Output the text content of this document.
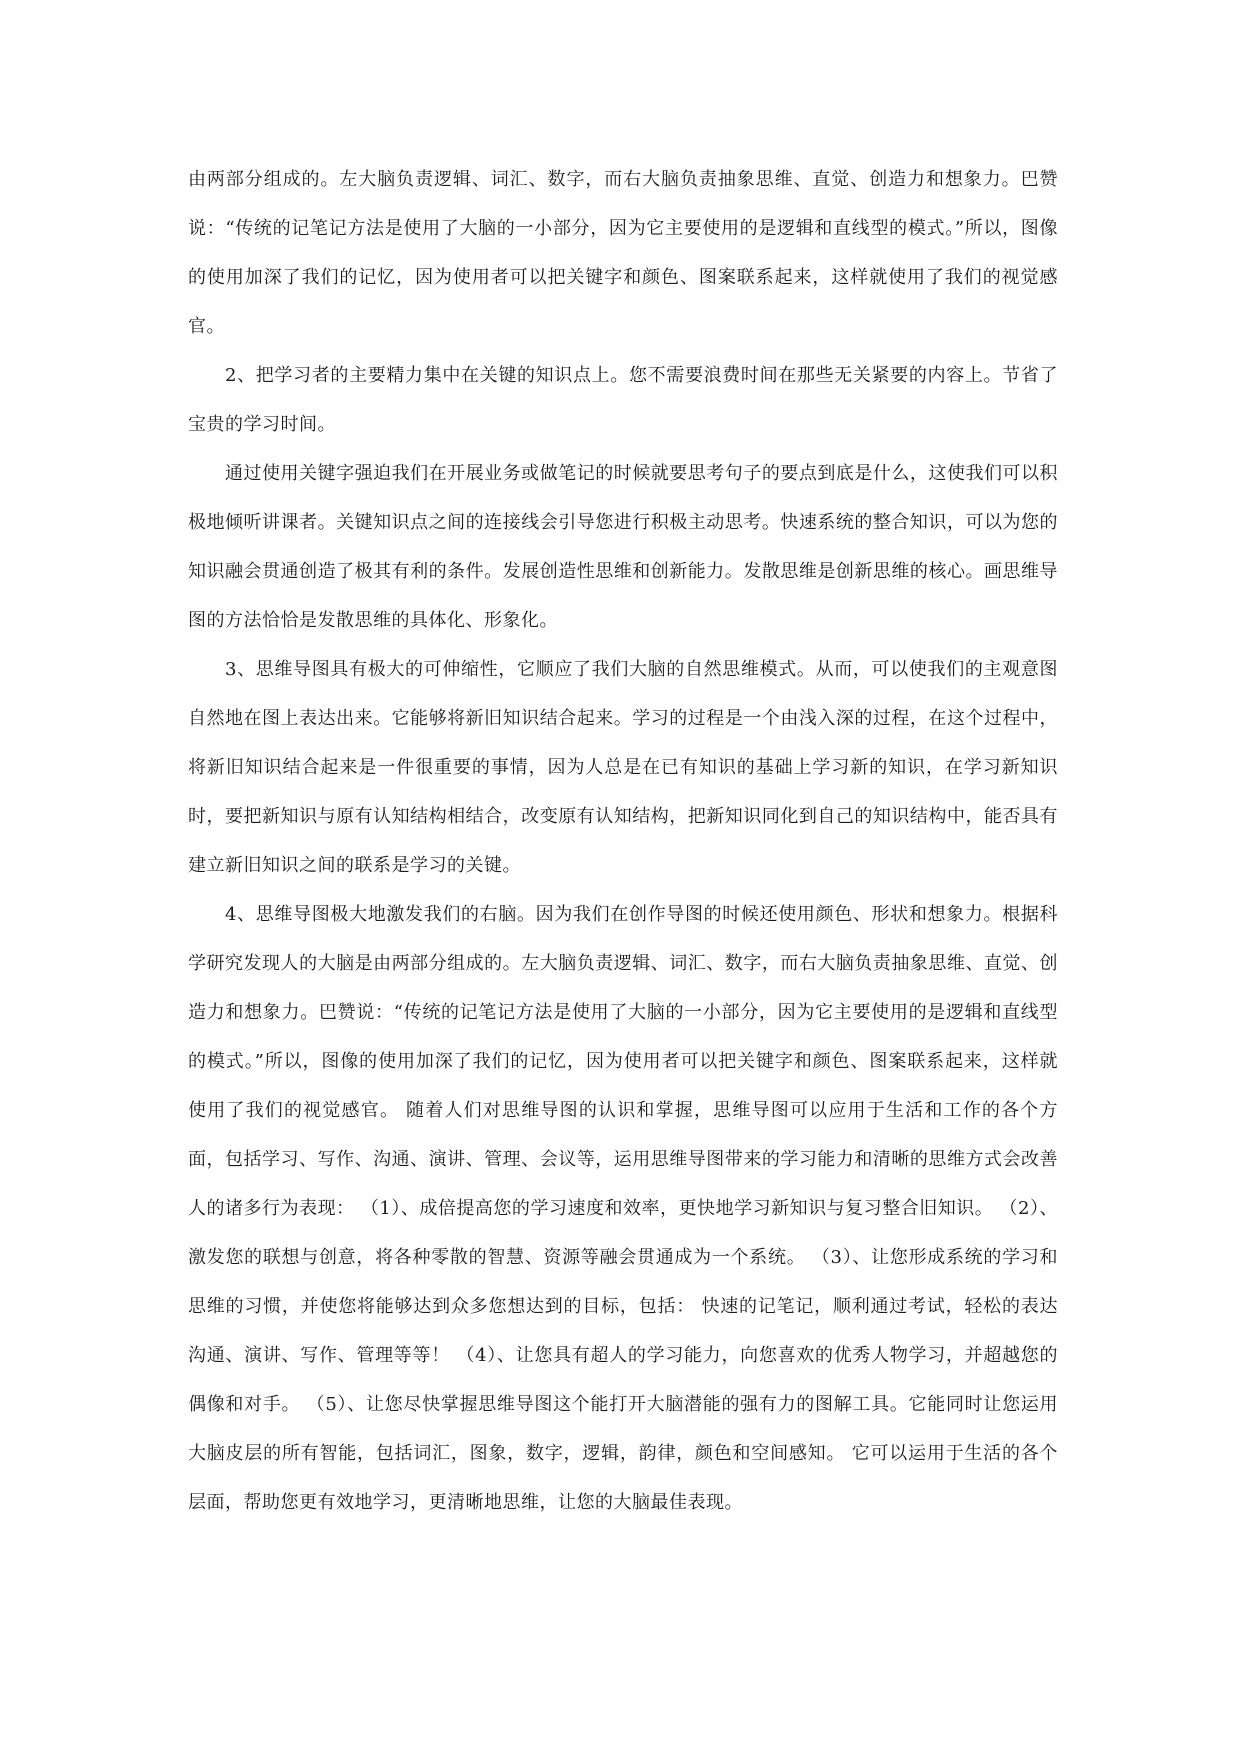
由两部分组成的。左大脑负责逻辑、词汇、数字，而右大脑负责抽象思维、直觉、创造力和想象力。巴赞说：“传统的记笔记方法是使用了大脑的一小部分，因为它主要使用的是逻辑和直线型的模式。”所以，图像的使用加深了我们的记忆，因为使用者可以把关键字和颜色、图案联系起来，这样就使用了我们的视觉感官。

2、把学习者的主要精力集中在关键的知识点上。您不需要浪费时间在那些无关紧要的内容上。节省了宝贵的学习时间。

通过使用关键字强迫我们在开展业务或做笔记的时候就要思考句子的要点到底是什么，这使我们可以积极地倾听讲课者。关键知识点之间的连接线会引导您进行积极主动思考。快速系统的整合知识，可以为您的知识融会贯通创造了极其有利的条件。发展创造性思维和创新能力。发散思维是创新思维的核心。画思维导图的方法恰恰是发散思维的具体化、形象化。

3、思维导图具有极大的可伸缩性，它顺应了我们大脑的自然思维模式。从而，可以使我们的主观意图自然地在图上表达出来。它能够将新旧知识结合起来。学习的过程是一个由浅入深的过程，在这个过程中，将新旧知识结合起来是一件很重要的事情，因为人总是在已有知识的基础上学习新的知识，在学习新知识时，要把新知识与原有认知结构相结合，改变原有认知结构，把新知识同化到自己的知识结构中，能否具有建立新旧知识之间的联系是学习的关键。

4、思维导图极大地激发我们的右脑。因为我们在创作导图的时候还使用颜色、形状和想象力。根据科学研究发现人的大脑是由两部分组成的。左大脑负责逻辑、词汇、数字，而右大脑负责抽象思维、直觉、创造力和想象力。巴赞说：“传统的记笔记方法是使用了大脑的一小部分，因为它主要使用的是逻辑和直线型的模式。”所以，图像的使用加深了我们的记忆，因为使用者可以把关键字和颜色、图案联系起来，这样就使用了我们的视觉感官。 随着人们对思维导图的认识和掌握，思维导图可以应用于生活和工作的各个方面，包括学习、写作、沟通、演讲、管理、会议等，运用思维导图带来的学习能力和清晰的思维方式会改善人的诸多行为表现： （1）、成倍提高您的学习速度和效率，更快地学习新知识与复习整合旧知识。 （2）、激发您的联想与创意，将各种零散的智慧、资源等融会贯通成为一个系统。 （3）、让您形成系统的学习和思维的习惯，并使您将能够达到众多您想达到的目标，包括： 快速的记笔记，顺利通过考试，轻松的表达沟通、演讲、写作、管理等等！ （4）、让您具有超人的学习能力，向您喜欢的优秀人物学习，并超越您的偶像和对手。 （5）、让您尽快掌握思维导图这个能打开大脑潜能的强有力的图解工具。它能同时让您运用大脑皮层的所有智能，包括词汇，图象，数字，逻辑，韵律，颜色和空间感知。 它可以运用于生活的各个层面，帮助您更有效地学习，更清晰地思维，让您的大脑最佳表现。
